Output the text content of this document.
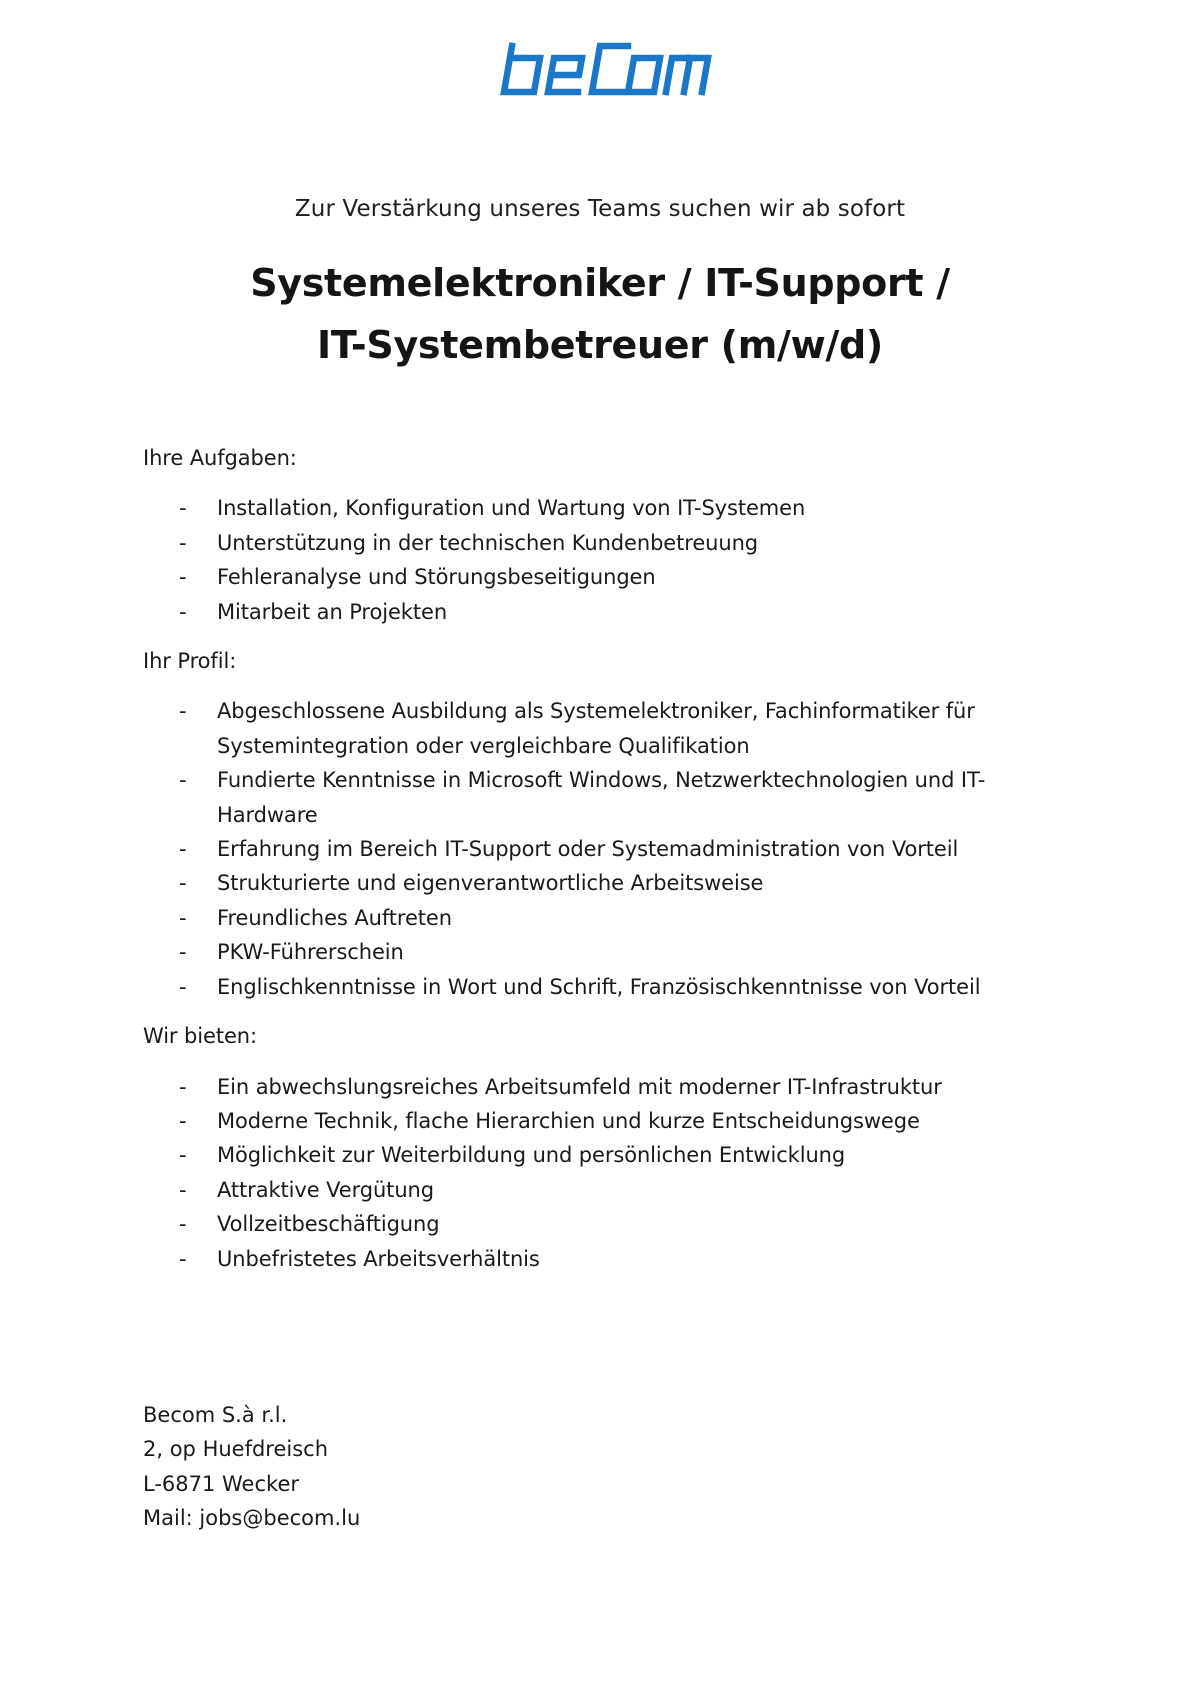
Zur Verstärkung unseres Teams suchen wir ab sofort
Systemelektroniker / IT-Support /
IT-Systembetreuer (m/w/d)
Ihre Aufgaben:
- Installation, Konfiguration und Wartung von IT-Systemen
- Unterstützung in der technischen Kundenbetreuung
- Fehleranalyse und Störungsbeseitigungen
- Mitarbeit an Projekten
Ihr Profil:
- Abgeschlossene Ausbildung als Systemelektroniker, Fachinformatiker für Systemintegration oder vergleichbare Qualifikation
- Fundierte Kenntnisse in Microsoft Windows, Netzwerktechnologien und IT-Hardware
- Erfahrung im Bereich IT-Support oder Systemadministration von Vorteil
- Strukturierte und eigenverantwortliche Arbeitsweise
- Freundliches Auftreten
- PKW-Führerschein
- Englischkenntnisse in Wort und Schrift, Französischkenntnisse von Vorteil
Wir bieten:
- Ein abwechslungsreiches Arbeitsumfeld mit moderner IT-Infrastruktur
- Moderne Technik, flache Hierarchien und kurze Entscheidungswege
- Möglichkeit zur Weiterbildung und persönlichen Entwicklung
- Attraktive Vergütung
- Vollzeitbeschäftigung
- Unbefristetes Arbeitsverhältnis
Becom S.à r.l.
2, op Huefdreisch
L-6871 Wecker
Mail: jobs@becom.lu
